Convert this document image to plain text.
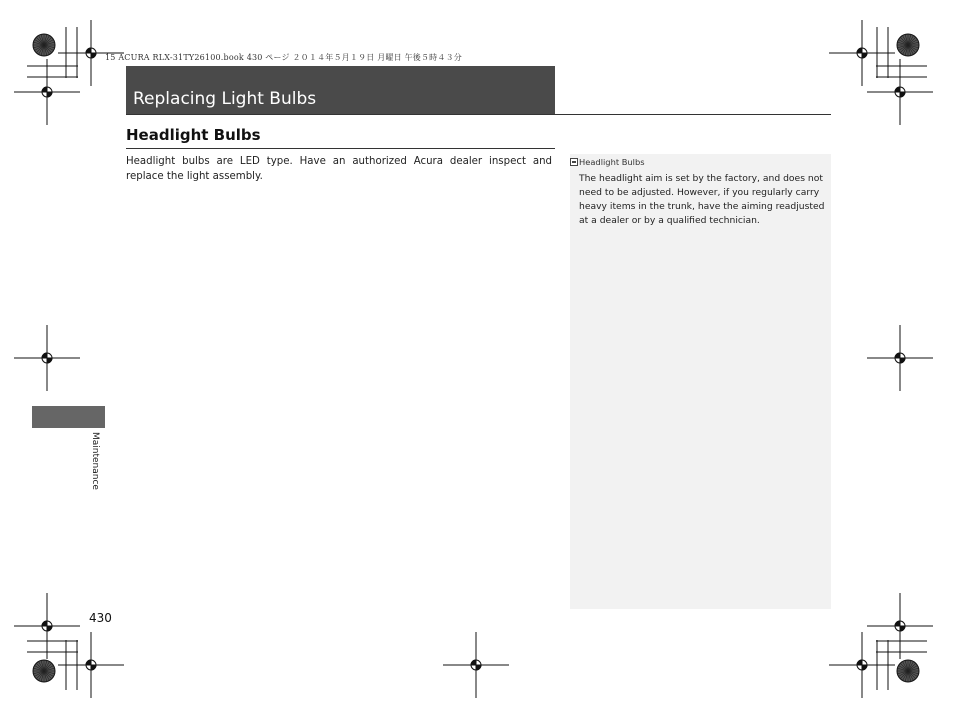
15 ACURA RLX-31TY26100.book 430 ページ ２０１４年５月１９日 月曜日 午後５時４３分
Replacing Light Bulbs
Headlight Bulbs
Headlight bulbs are LED type. Have an authorized Acura dealer inspect and replace the light assembly.
Headlight Bulbs
The headlight aim is set by the factory, and does not need to be adjusted. However, if you regularly carry heavy items in the trunk, have the aiming readjusted at a dealer or by a qualified technician.
Maintenance
430
